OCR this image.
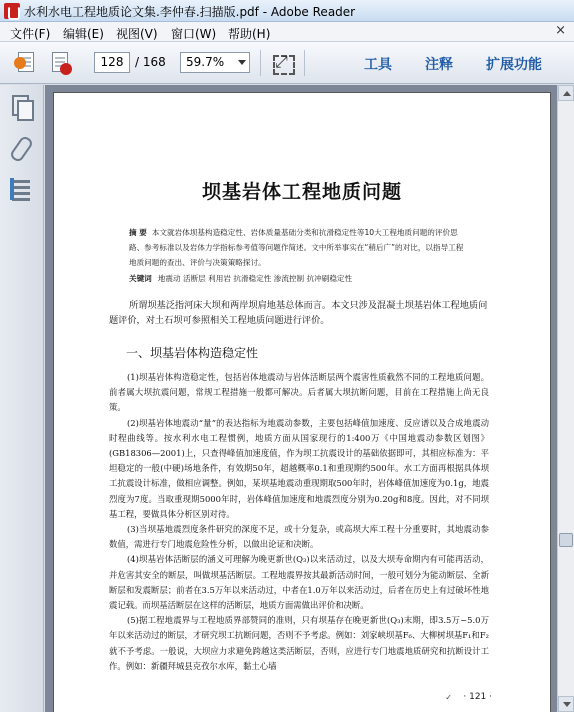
水利水电工程地质论文集.李仲春.扫描版.pdf - Adobe Reader
文件(F) 编辑(E) 视图(V) 窗口(W) 帮助(H)	×
128 / 168	59.7%
⤢	工具 注释 扩展功能
坝基岩体工程地质问题
摘 要 本文就岩体坝基构造稳定性、岩体质量基础分类和抗滑稳定性等10大工程地质问题的评价思路、参考标准以及岩体力学指标参考值等问题作简述。文中所举事实在“稍后广”的对比，以指导工程地质问题的查出、评价与决策策略探讨。
关键词 地震动 活断层 利用岩 抗滑稳定性 渗流控制 抗冲刷稳定性
所谓坝基泛指河床大坝和两岸坝肩地基总体而言。本文只涉及混凝土坝基岩体工程地质问题评价，对土石坝可参照相关工程地质问题进行评价。
一、坝基岩体构造稳定性

(1)坝基岩体构造稳定性，包括岩体地震动与岩体活断层两个震害性质截然不同的工程地质问题。前者属大坝抗震问题，常规工程措施一般都可解决。后者属大坝抗断问题，目前在工程措施上尚无良策。

(2)坝基岩体地震动“量”的表达指标为地震动参数，主要包括峰值加速度、反应谱以及合成地震动时程曲线等。按水利水电工程惯例，地质方面从国家现行的1:400万《中国地震动参数区划图》(GB18306—2001)上，只查得峰值加速度值，作为坝工抗震设计的基础依据即可，其相应标准为：平坦稳定的一般(中硬)场地条件，有效期50年，超越概率0.1和重现期约500年。水工方面再根据具体坝工抗震设计标准，做相应调整。例如，某坝基地震动重现期取500年时，岩体峰值加速度为0.1g，地震烈度为7度。当取重现期5000年时，岩体峰值加速度和地震烈度分别为0.20g和8度。因此，对不同坝基工程，要做具体分析区别对待。

(3)当坝基地震烈度条件研究的深度不足，或十分复杂，或高坝大库工程十分重要时，其地震动参数值，需进行专门地震危险性分析，以做出论证和决断。

(4)坝基岩体活断层的涵义可理解为晚更新世(Q₃)以来活动过，以及大坝寿命期内有可能再活动，并危害其安全的断层，叫做坝基活断层。工程地震界按其最新活动时间，一般可划分为能动断层、全新断层和发震断层；前者在3.5万年以来活动过，中者在1.0万年以来活动过，后者在历史上有过破坏性地震记载。而坝基活断层在这样的活断层，地质方面需做出评价和决断。

(5)据工程地震界与工程地质界部赞同的准则，只有坝基存在晚更新世(Q₃)末期，即3.5万~5.0万年以来活动过的断层，才研究坝工抗断问题，否则不予考虑。例如：刘家峡坝基F₆、大柳树坝基F₁和F₂就不予考虑。一般说，大坝应力求避免跨越这类活断层，否则，应进行专门地震地质研究和抗断设计工作。例如：新疆拜城县克孜尔水库，黏土心墙

✓ · 121 ·
